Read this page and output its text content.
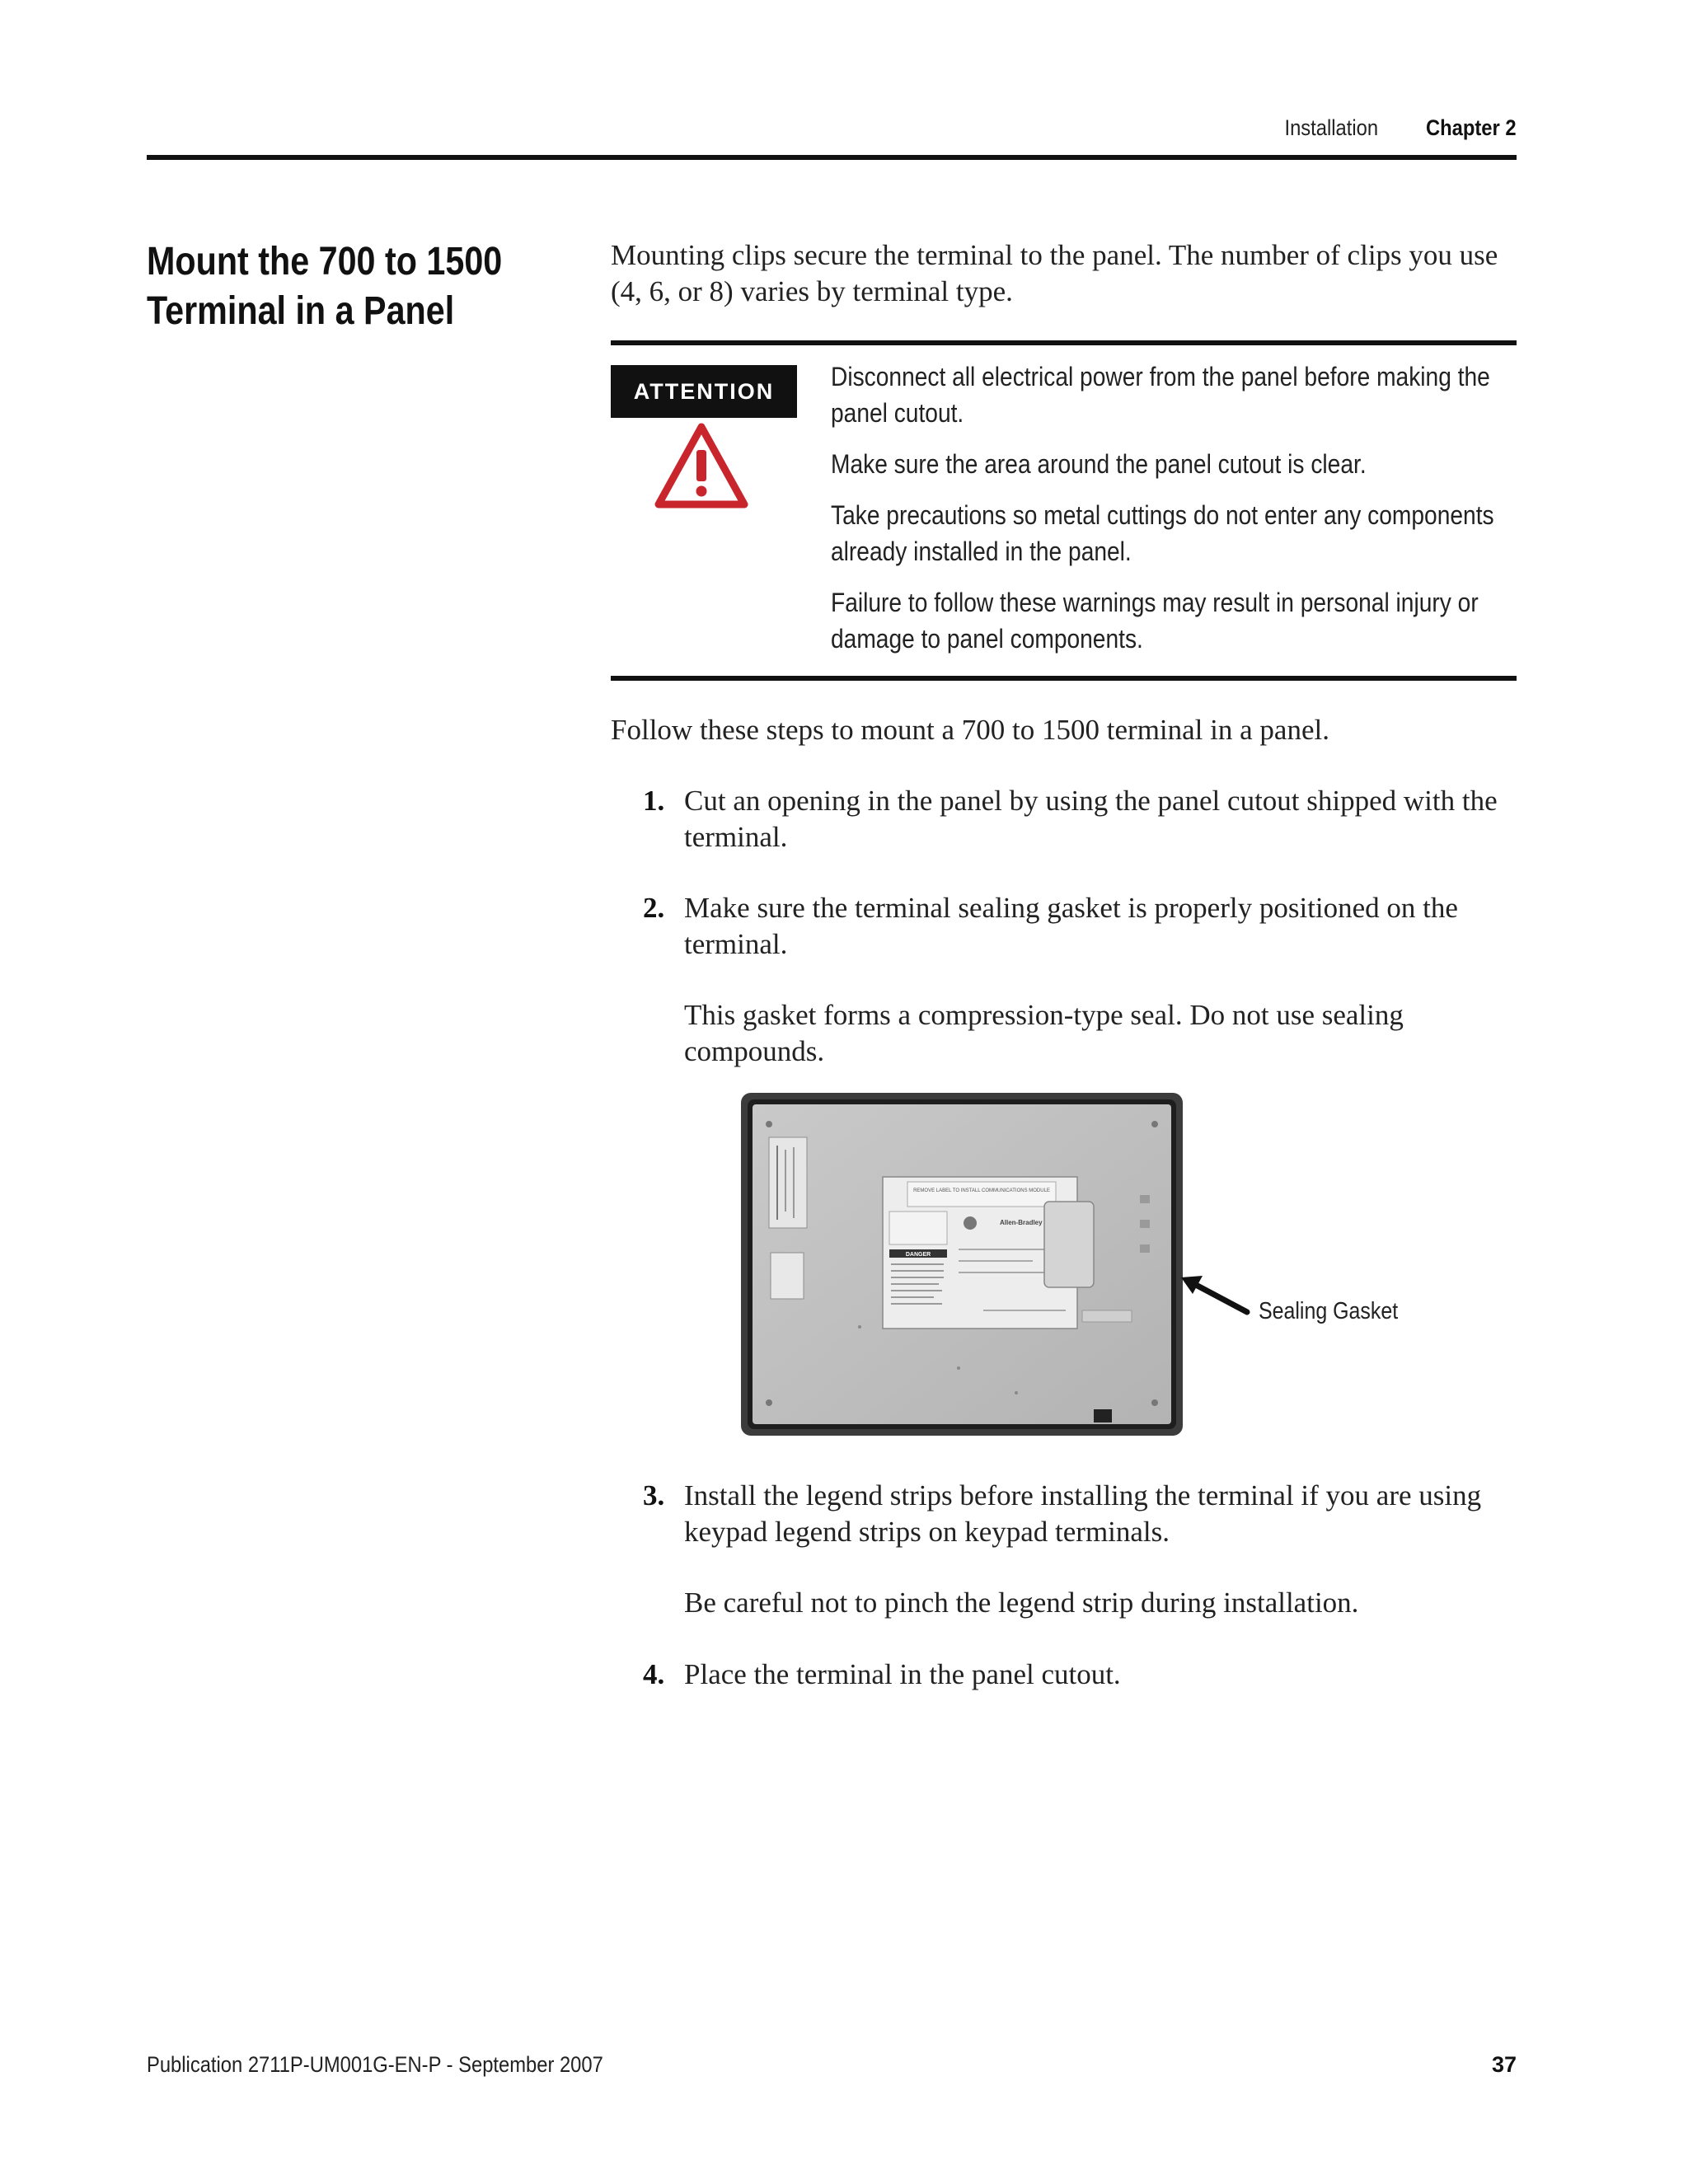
Installation Chapter 2
Mount the 700 to 1500 Terminal in a Panel
Mounting clips secure the terminal to the panel. The number of clips you use (4, 6, or 8) varies by terminal type.
ATTENTION	Disconnect all electrical power from the panel before making the panel cutout.

Make sure the area around the panel cutout is clear.

Take precautions so metal cuttings do not enter any components already installed in the panel.

Failure to follow these warnings may result in personal injury or damage to panel components.

Follow these steps to mount a 700 to 1500 terminal in a panel.
1. Cut an opening in the panel by using the panel cutout shipped with the terminal.
2. Make sure the terminal sealing gasket is properly positioned on the terminal.
This gasket forms a compression-type seal. Do not use sealing compounds.
REMOVE LABEL TO INSTALL COMMUNICATIONS MODULE
DANGER
Allen-Bradley
Sealing Gasket
3. Install the legend strips before installing the terminal if you are using keypad legend strips on keypad terminals.
Be careful not to pinch the legend strip during installation.
4. Place the terminal in the panel cutout.
Publication 2711P-UM001G-EN-P - September 2007	37
